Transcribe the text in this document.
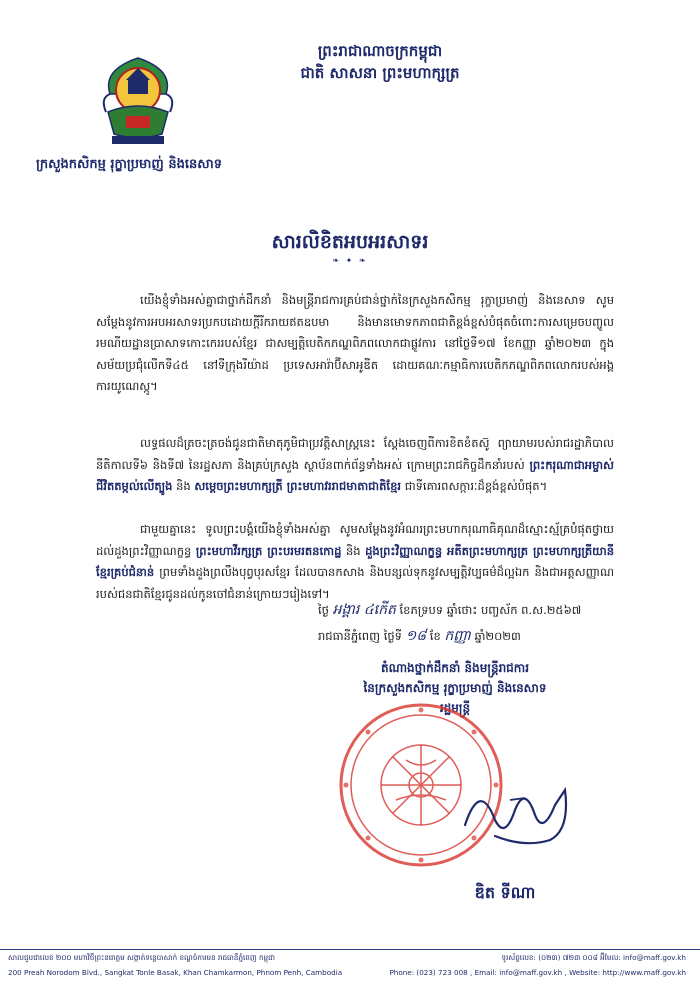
ព្រះរាជាណាចក្រកម្ពុជា
ជាតិ សាសនា ព្រះមហាក្សត្រ
ក្រសួងកសិកម្ម រុក្ខាប្រមាញ់ និងនេសាទ
សារលិខិតអបអរសាទរ
❧ ✦ ❧
យើងខ្ញុំទាំងអស់គ្នាជាថ្នាក់ដឹកនាំ និងមន្ត្រីរាជការគ្រប់ជាន់ថ្នាក់នៃក្រសួងកសិកម្ម រុក្ខាប្រមាញ់ និងនេសាទ សូមសម្តែងនូវការអបអរសាទរប្រកបដោយក្តីរីករាយឥតឧបមា និងមានមោទកភាពជាតិខ្ពង់ខ្ពស់បំផុតចំពោះការសម្រេចបញ្ចូលរមណីយដ្ឋានប្រាសាទកោះកេររបស់ខ្មែរ ជាសម្បត្តិបេតិកភណ្ឌពិភពលោកជាផ្លូវការ នៅថ្ងៃទី១៧ ខែកញ្ញា ឆ្នាំ២០២៣ ក្នុងសម័យប្រជុំលើកទី៤៥ នៅទីក្រុងរីយ៉ាដ ប្រទេសអារ៉ាប៊ីសាអូឌីត ដោយគណៈកម្មាធិការបេតិកភណ្ឌពិភពលោករបស់អង្គការយូណេស្កូ។
លទ្ធផលដ៏ត្រចះត្រចង់ជូនជាតិមាតុភូមិជាប្រវត្តិសាស្ត្រនេះ ស្តែងចេញពីការខិតខំតស៊ូ ព្យាយាមរបស់រាជរដ្ឋាភិបាលនីតិកាលទី៦ និងទី៧ នៃរដ្ឋសភា និងគ្រប់ក្រសួង ស្ថាប័នពាក់ព័ន្ធទាំងអស់ ក្រោមព្រះរាជកិច្ចដឹកនាំរបស់ ព្រះករុណាជាអម្ចាស់ជីវិតតម្កល់លើត្បូង និង សម្តេចព្រះមហាក្សត្រី ព្រះមហាវររាជមាតាជាតិខ្មែរ ជាទីគោរពសក្ការៈដ៏ខ្ពង់ខ្ពស់បំផុត។
ជាមួយគ្នានេះ ទូលព្រះបង្គំយើងខ្ញុំទាំងអស់គ្នា សូមសម្តែងនូវអំណរព្រះមហាករុណាធិគុណដ៏ស្មោះស្ម័គ្របំផុតថ្វាយដល់ដួងព្រះវិញ្ញាណក្ខន្ធ ព្រះមហាវីរក្សត្រ ព្រះបរមរតនកោដ្ឋ និង ដួងព្រះវិញ្ញាណក្ខន្ធ អតីតព្រះមហាក្សត្រ ព្រះមហាក្សត្រីយានីខ្មែរគ្រប់ជំនាន់ ព្រមទាំងដួងព្រលឹងបុព្វបុរសខ្មែរ ដែលបានកសាង និងបន្សល់ទុកនូវសម្បត្តិវប្បធម៌ដ៏ល្អឯក និងជាអត្តសញ្ញាណរបស់ជនជាតិខ្មែរជូនដល់កូនចៅជំនាន់ក្រោយៗរៀងទៅ។
ថ្ងៃ អង្គារ ៤កើត ខែភទ្របទ ឆ្នាំថោះ បញ្ចស័ក ព.ស.២៥៦៧
រាជធានីភ្នំពេញ ថ្ងៃទី ១៨ ខែ កញ្ញា ឆ្នាំ២០២៣
តំណាងថ្នាក់ដឹកនាំ និងមន្ត្រីរាជការ
នៃក្រសួងកសិកម្ម រុក្ខាប្រមាញ់ និងនេសាទ
រដ្ឋមន្ត្រី
ឌិត ទីណា
សាលជួបជាលេខ ២០០ មហាវិថីព្រះនរោត្តម សង្កាត់ទន្លេបាសាក់ ខណ្ឌចំការមន រាជធានីភ្នំពេញ កម្ពុជា
200 Preah Norodom Blvd., Sangkat Tonle Basak, Khan Chamkarmon, Phnom Penh, Cambodia
ទូរស័ព្ទលេខ: (០២៣) ៧២៣ ០០៨ អ៊ីមែល: info@maff.gov.kh
Phone: (023) 723 008 , Email: info@maff.gov.kh , Website: http://www.maff.gov.kh
